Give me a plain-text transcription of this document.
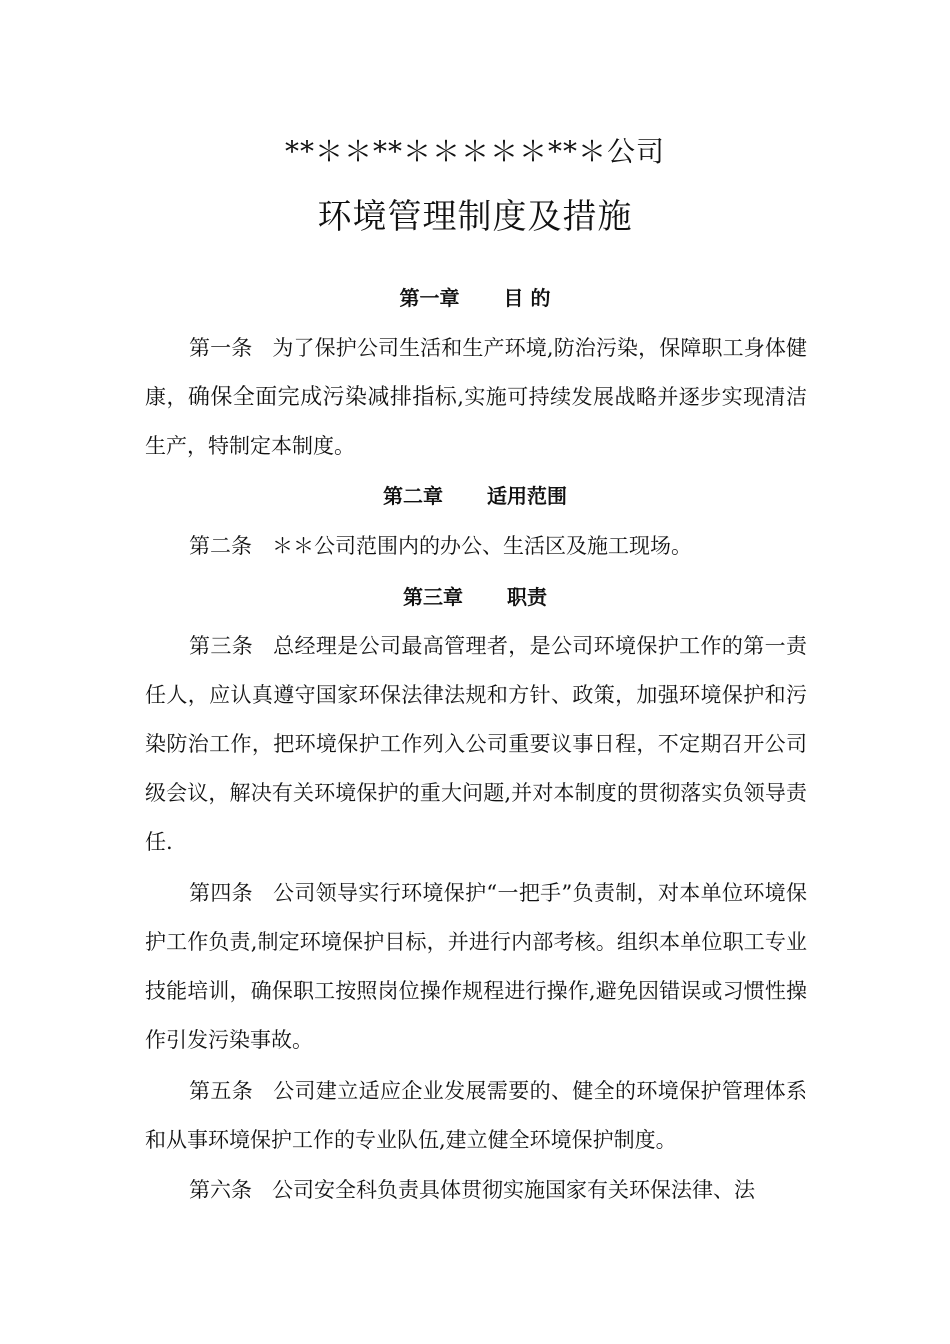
**＊＊**＊＊＊＊＊**＊公司
环境管理制度及措施
第一章 目 的
第一条 为了保护公司生活和生产环境,防治污染，保障职工身体健康，确保全面完成污染减排指标,实施可持续发展战略并逐步实现清洁生产，特制定本制度。
第二章 适用范围
第二条 ＊＊公司范围内的办公、生活区及施工现场。
第三章 职责
第三条 总经理是公司最高管理者，是公司环境保护工作的第一责任人，应认真遵守国家环保法律法规和方针、政策，加强环境保护和污染防治工作，把环境保护工作列入公司重要议事日程，不定期召开公司级会议，解决有关环境保护的重大问题,并对本制度的贯彻落实负领导责任.
第四条 公司领导实行环境保护“一把手”负责制，对本单位环境保护工作负责,制定环境保护目标，并进行内部考核。组织本单位职工专业技能培训，确保职工按照岗位操作规程进行操作,避免因错误或习惯性操作引发污染事故。
第五条 公司建立适应企业发展需要的、健全的环境保护管理体系和从事环境保护工作的专业队伍,建立健全环境保护制度。
第六条 公司安全科负责具体贯彻实施国家有关环保法律、法
